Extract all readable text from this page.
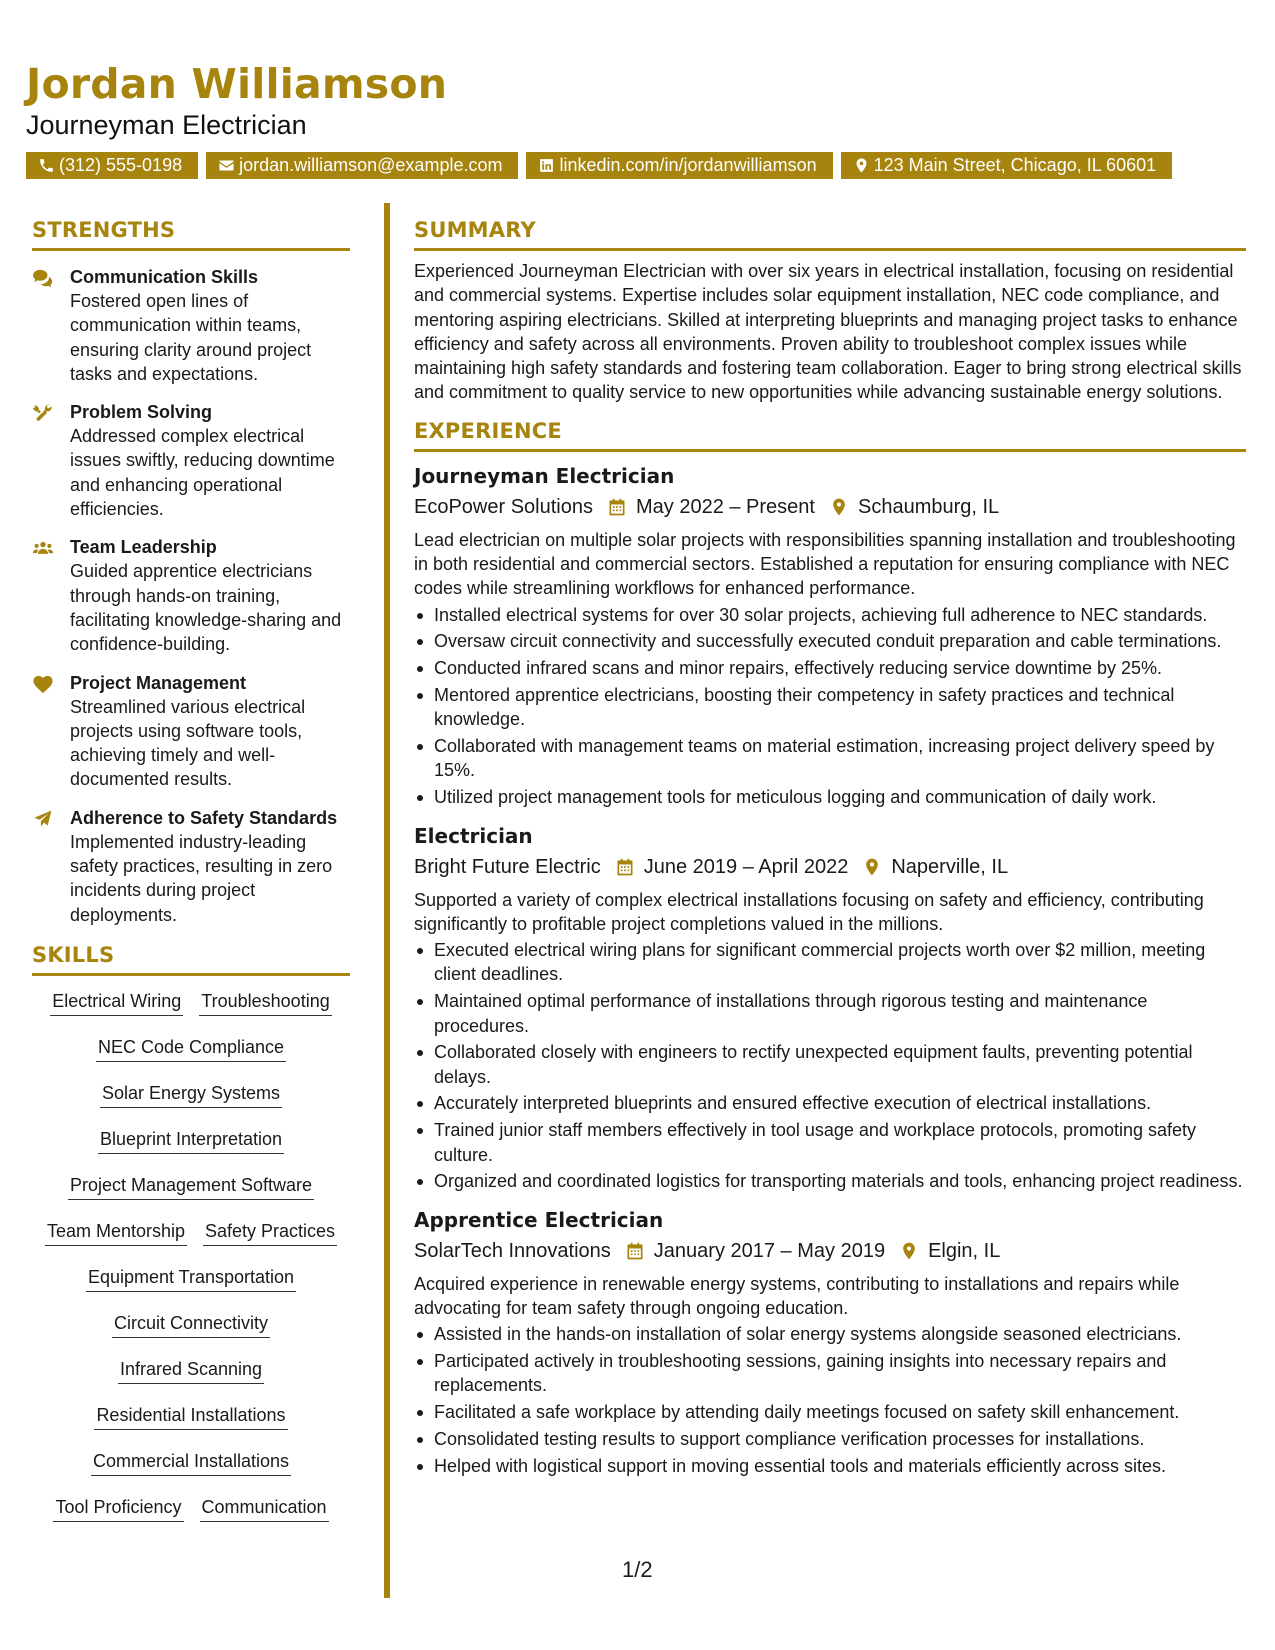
Jordan Williamson
Journeyman Electrician
(312) 555-0198	jordan.williamson@example.com	linkedin.com/in/jordanwilliamson	123 Main Street, Chicago, IL 60601
STRENGTHS
Communication Skills
Fostered open lines of communication within teams, ensuring clarity around project tasks and expectations.
Problem Solving
Addressed complex electrical issues swiftly, reducing downtime and enhancing operational efficiencies.
Team Leadership
Guided apprentice electricians through hands-on training, facilitating knowledge-sharing and confidence-building.
Project Management
Streamlined various electrical projects using software tools, achieving timely and well-documented results.
Adherence to Safety Standards
Implemented industry-leading safety practices, resulting in zero incidents during project deployments.
SKILLS
Electrical Wiring Troubleshooting
NEC Code Compliance
Solar Energy Systems
Blueprint Interpretation
Project Management Software
Team Mentorship Safety Practices
Equipment Transportation
Circuit Connectivity
Infrared Scanning
Residential Installations
Commercial Installations
Tool Proficiency Communication
SUMMARY

Experienced Journeyman Electrician with over six years in electrical installation, focusing on residential and commercial systems. Expertise includes solar equipment installation, NEC code compliance, and mentoring aspiring electricians. Skilled at interpreting blueprints and managing project tasks to enhance efficiency and safety across all environments. Proven ability to troubleshoot complex issues while maintaining high safety standards and fostering team collaboration. Eager to bring strong electrical skills and commitment to quality service to new opportunities while advancing sustainable energy solutions.

EXPERIENCE
Journeyman Electrician
EcoPower Solutions May 2022 – Present Schaumburg, IL

Lead electrician on multiple solar projects with responsibilities spanning installation and troubleshooting in both residential and commercial sectors. Established a reputation for ensuring compliance with NEC codes while streamlining workflows for enhanced performance.

Installed electrical systems for over 30 solar projects, achieving full adherence to NEC standards.
Oversaw circuit connectivity and successfully executed conduit preparation and cable terminations.
Conducted infrared scans and minor repairs, effectively reducing service downtime by 25%.
Mentored apprentice electricians, boosting their competency in safety practices and technical knowledge.
Collaborated with management teams on material estimation, increasing project delivery speed by 15%.
Utilized project management tools for meticulous logging and communication of daily work.
Electrician
Bright Future Electric June 2019 – April 2022 Naperville, IL

Supported a variety of complex electrical installations focusing on safety and efficiency, contributing significantly to profitable project completions valued in the millions.

Executed electrical wiring plans for significant commercial projects worth over $2 million, meeting client deadlines.
Maintained optimal performance of installations through rigorous testing and maintenance procedures.
Collaborated closely with engineers to rectify unexpected equipment faults, preventing potential delays.
Accurately interpreted blueprints and ensured effective execution of electrical installations.
Trained junior staff members effectively in tool usage and workplace protocols, promoting safety culture.
Organized and coordinated logistics for transporting materials and tools, enhancing project readiness.
Apprentice Electrician
SolarTech Innovations January 2017 – May 2019 Elgin, IL

Acquired experience in renewable energy systems, contributing to installations and repairs while advocating for team safety through ongoing education.

Assisted in the hands-on installation of solar energy systems alongside seasoned electricians.
Participated actively in troubleshooting sessions, gaining insights into necessary repairs and replacements.
Facilitated a safe workplace by attending daily meetings focused on safety skill enhancement.
Consolidated testing results to support compliance verification processes for installations.
Helped with logistical support in moving essential tools and materials efficiently across sites.
1/2
